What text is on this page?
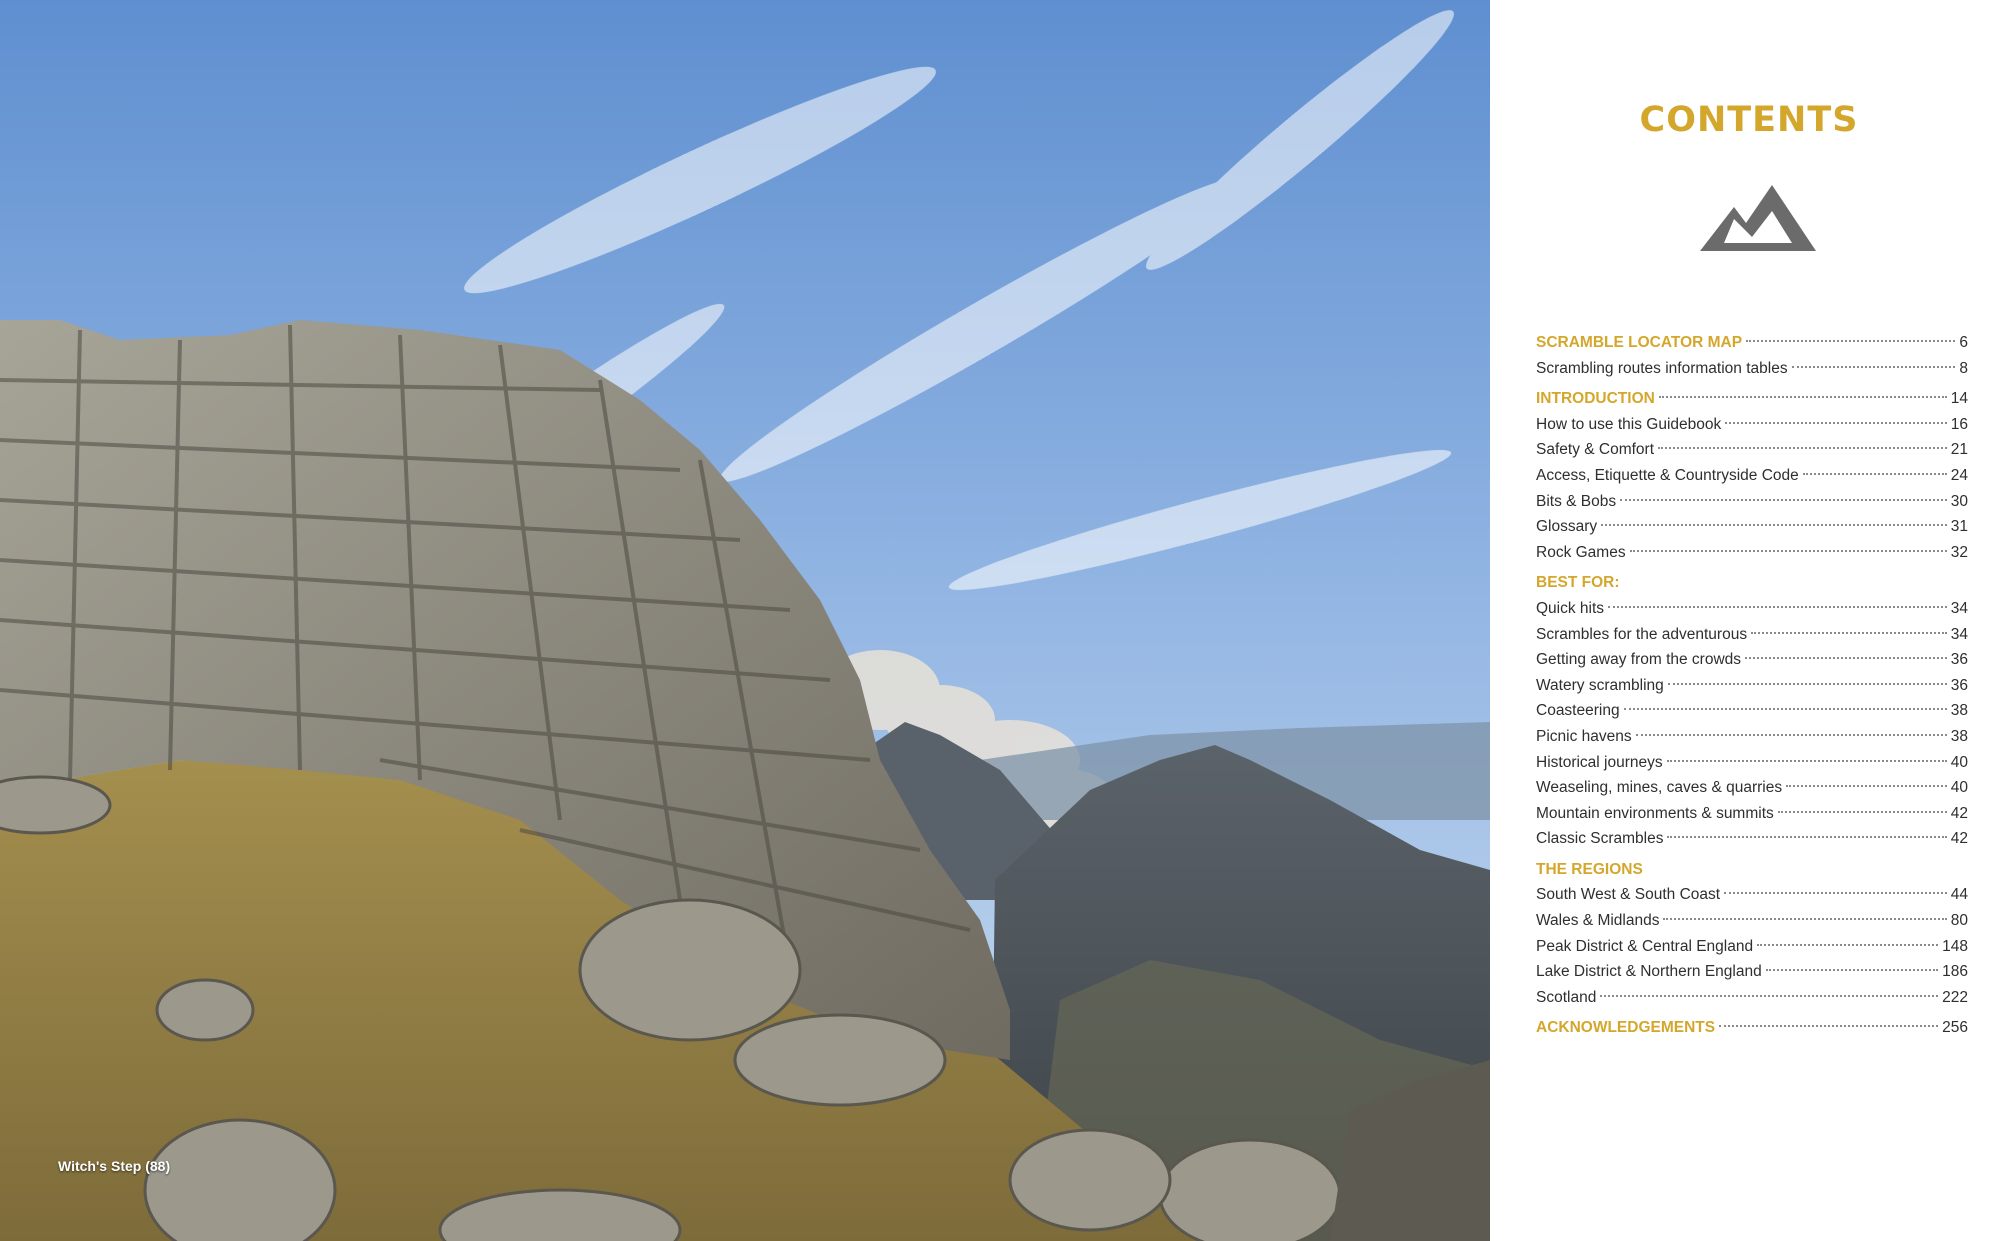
Witch's Step (88)
CONTENTS
SCRAMBLE LOCATOR MAP	6
Scrambling routes information tables	8
INTRODUCTION	14
How to use this Guidebook	16
Safety & Comfort	21
Access, Etiquette & Countryside Code	24
Bits & Bobs	30
Glossary	31
Rock Games	32
BEST FOR:
Quick hits	34
Scrambles for the adventurous	34
Getting away from the crowds	36
Watery scrambling	36
Coasteering	38
Picnic havens	38
Historical journeys	40
Weaseling, mines, caves & quarries	40
Mountain environments & summits	42
Classic Scrambles	42
THE REGIONS
South West & South Coast	44
Wales & Midlands	80
Peak District & Central England	148
Lake District & Northern England	186
Scotland	222
ACKNOWLEDGEMENTS	256
